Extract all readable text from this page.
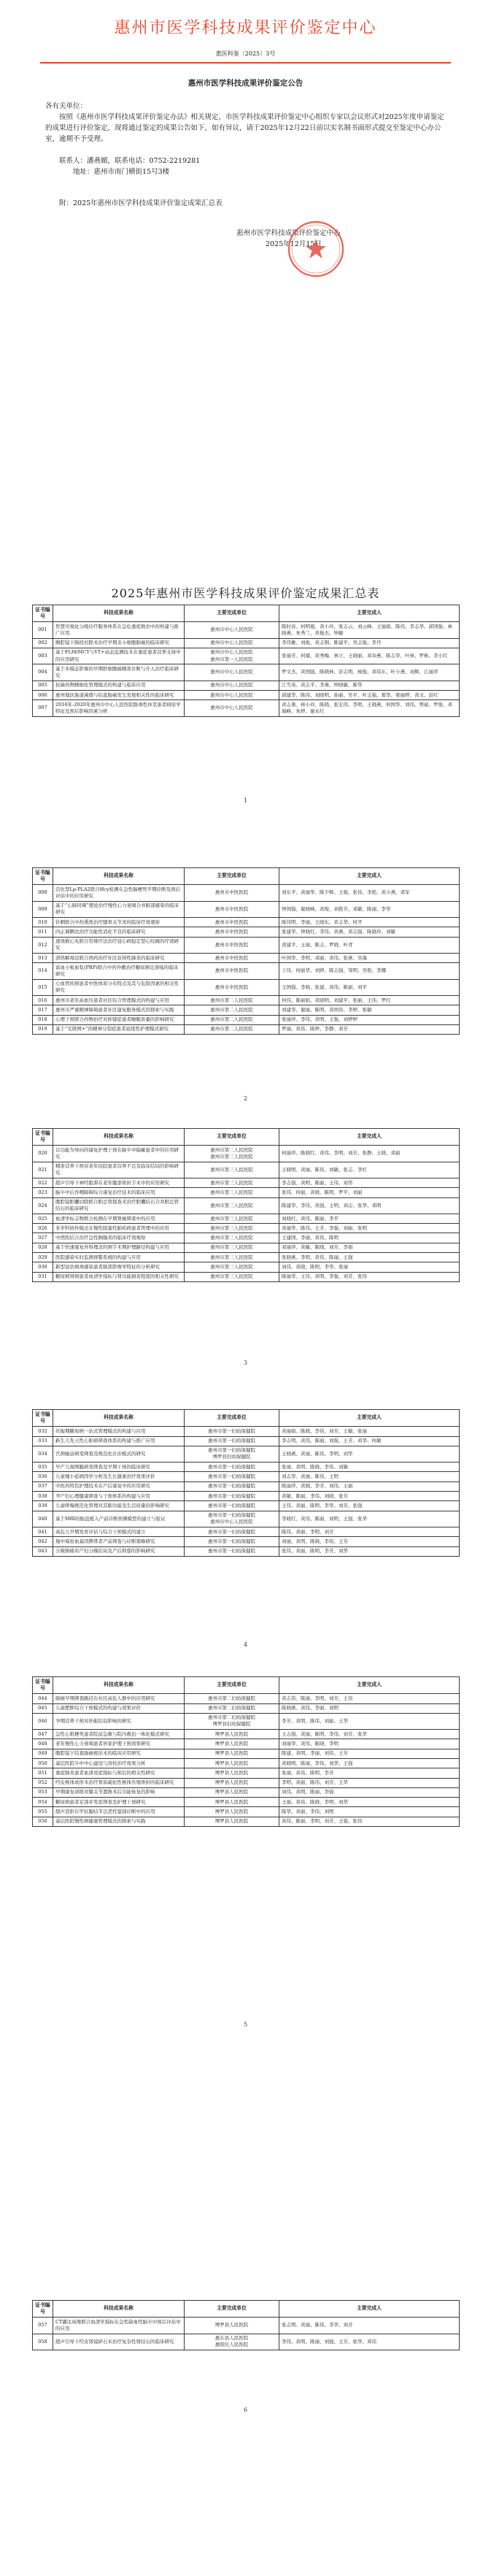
惠州市医学科技成果评价鉴定中心
惠医科鉴〔2025〕3号
惠州市医学科技成果评价鉴定公告

各有关单位：

按照《惠州市医学科技成果评价鉴定办法》相关规定，市医学科技成果评价鉴定中心组织专家以会议形式对2025年度申请鉴定的成果进行评价鉴定，现将通过鉴定的成果公告如下，如有异议，请于2025年12月22日前以实名制书面形式提交至鉴定中心办公室，逾期不予受理。

联系人：潘燕媚，联系电话：0752-2219281

地址：惠州市南门横街15号3楼

附：2025年惠州市医学科技成果评价鉴定成果汇总表

惠州市医学科技成果评价鉴定中心

2025年12月15日

2025年惠州市医学科技成果评价鉴定成果汇总表
证书编号	科技成果名称	主要完成单位	主要完成人
001	智慧可视化分级诊疗服务体系在急危重症救治中的构建与推广应用	惠州市中心人民医院	陈时春、何明德、黄小玲、张志云、刘云峰、王丽娟、陈伟、李志华、邱国强、林晓燕、朱秀兰、黄俊杰、钟敏
002	胸腔镜下肺段切除术治疗早期非小细胞肺癌的临床研究	惠州市中心人民医院	李伟雄、刘俊、黄志刚、陈建平、吴志强、李丹
003	基于FLM/MCT与VT+动态监测技术在重症患者营养支持中的应用研究	惠州市中心人民医院
惠州市第一人民医院	张丽芳、何斌、黄秀梅、林立、王晓丽、邓春燕、陈志华、叶林、罗彬、李小红
004	基于多模态影像的早期肝细胞癌精准诊断与介入治疗临床研究	惠州市中心人民医院	罗文杰、黄国强、陈晓林、彭志明、杨俊、邓伟东、叶小燕、刘辉、江丽萍
005	抗菌药物精细化管理模式的构建与临床应用	惠州市中心人民医院	江雪英、黄志平、李燕、钟晓敏、陈华
006	惠州地区肠道菌群与结直肠癌发生发展相关性的临床研究	惠州市中心人民医院	邱建华、陈伟、刘晓明、孙丽、吴平、叶志强、郑华、梁丽婷、黄文、彭红
007	2016年-2020年惠州市中心人民医院脓毒性休克患者病原学特征及预后影响因素分析	惠州市中心人民医院	黄志勇、林小玲、陈晓、张宏伟、李明、王晓燕、何国华、刘伟、曾丽、罗俊、邓海峰、朱婷、谢永红
1
证书编号	科技成果名称	主要完成单位	主要完成人
008	活化型Lp-PLA2联合Hcy检测在急性脑梗死早期诊断及预后评估中的应用研究	惠州市中医医院	刘东平、黄丽华、陈少辉、王强、张伟、李艳、黄小燕、邓军
009	基于“心肺同调”理论治疗慢性心力衰竭合并肺部感染的临床研究	惠州市中医医院	钟国强、谢晓峰、黄俊、刘艳芳、邓敏、陈丽、李华
010	针刺联合中药熏洗治疗膝骨关节炎的临床疗效观察	惠州市中医医院	陈伟明、李丽、王晓东、黄志华、何平
011	四正调脾法治疗功能性消化不良的临床研究	惠州市中医医院	张建华、钟晓红、李伟、黄燕、邓志强、陈晓玲、刘敏
012	速效救心丸联合常规疗法治疗冠心病稳定型心绞痛的疗效研究	惠州市中医医院	黄建平、王丽、陈志、罗晓、叶青
013	清热解毒法联合西药治疗社区获得性肺炎的临床研究	惠州市中医医院	叶国华、李明、邓丽、黄伟、张燕、吴海
014	富血小板血浆(PRP)联合中药外敷治疗糖尿病足溃疡的临床研究	惠州市中医医院	丁伟、何丽华、刘婷、陈志强、邹明、吴艳、李娜
015	心血管疾病患者中医体质分布特点及其与危险因素的相关性研究	惠州市中医医院	王国强、李晓、张建、黄伟、陈丽、刘平
016	惠州市老年高血压患者社区综合管理模式的构建与应用	惠州市第二人民医院	何伟、陈丽娟、黄晓明、刘建平、张丽、王伟、罗红
017	惠州市严重精神障碍患者社区康复服务模式的探索与实践	惠州市第二人民医院	刘建华、谢丽、陈明、黄国伟、李婷、张敏
018	心理干预联合药物治疗对抑郁症患者睡眠质量的影响研究	惠州市第二人民医院	张丽萍、李伟、黄明、王强、刘婷婷
019	基于“互联网+”的精神分裂症患者延续性护理模式研究	惠州市第二人民医院	罗丽、黄伟、陈婷、李静、邓芳
2
证书编号	科技成果名称	主要完成单位	主要完成人
020	以功能为导向的康复护理干预在脑卒中偏瘫患者中的应用研究	惠州市第二人民医院
惠州市第三人民医院	何丽萍、陈晓红、黄伟、李明、刘芳、张静、王晓、邓丽
021	精准营养干预对老年住院患者营养不良及临床结局的影响研究	惠州市第三人民医院	王晓明、黄丽、陈伟、刘敏、张志、李红
022	超声引导下神经阻滞在老年髋部骨折手术中的应用研究	惠州市第三人民医院	李志强、黄明、陈丽、王伟、刘华
023	脑卒中后吞咽障碍综合康复治疗技术的临床应用	惠州市第三人民医院	张伟、何丽、黄晓、陈明、罗平、刘丽
024	腹腔镜胆囊切除联合胆总管探查术治疗胆囊结石合并胆总管结石的临床研究	惠州市第三人民医院	陈建华、李伟、黄强、王明、刘志、张华、邓明
025	血清学标志物联合检测在早期胃癌筛查中的应用	惠州市第三人民医院	刘晓红、黄伟、陈丽、李平
026	多学科协作模式在慢性阻塞性肺疾病患者管理中的应用	惠州市第三人民医院	黄丽华、陈伟、王芳、李强、刘丽、张明
027	中西医结合治疗急性胰腺炎的临床疗效观察	惠州市第三人民医院	王建国、李丽、黄伟、陈明
028	基于快速康复外科理念的围手术期护理路径构建与应用	惠州市第三人民医院	邓丽萍、黄敏、陈晓、刘芳、李娟
029	医院感染实时监测预警系统的构建与应用	惠州市第三人民医院	张晓燕、李明、黄伟、陈丽、王强
030	新型冠状病毒感染患者肺部影像学特征的分析研究	惠州市第三人民医院	刘伟、黄晓、陈明、李华、张丽
031	糖尿病肾病患者血清学指标与肾功能损害程度的相关性研究	惠州市第三人民医院	陈丽华、王伟、黄明、李强、刘芳、张伟
3
证书编号	科技成果名称	主要完成单位	主要完成人
032	妊娠期糖尿病一站式管理模式的构建与应用	惠州市第一妇幼保健院	黄丽娟、陈晓、李伟、刘芳、王敏、张丽
033	新生儿先天性心脏病筛查体系的构建与推广应用	惠州市第一妇幼保健院	李志明、黄伟、陈丽、刘强、王芳、邓华、何敏
034	宫颈癌前病变筛查及规范化诊治模式的研究	惠州市第一妇幼保健院
博罗县妇幼保健院	王晓燕、黄丽、陈伟、李明、刘华
035	早产儿视网膜病变筛查及早期干预的临床研究	惠州市第一妇幼保健院	张丽、黄明、陈晓、李伟、刘敏
036	儿童矮小症病因学分析及生长激素治疗效果评价	惠州市第一妇幼保健院	刘志华、黄丽、陈伟、王明
037	中医药特色护理技术在产后康复中的应用研究	惠州市第一妇幼保健院	陈丽萍、黄晓、李芳、刘伟、王丽
038	孕产妇心理健康筛查与干预体系的构建与应用	惠州市第一妇幼保健院	黄敏、陈丽、李伟、刘晓、张芳
039	儿童哮喘规范化管理对其肺功能及生活质量的影响研究	惠州市第一妇幼保健院	王伟、黄丽、陈明、李华、刘芳、张强
040	基于MRI的胎盘植入产前诊断预测模型的建立与验证	惠州市第一妇幼保健院
惠州市中心人民医院	李晓红、黄伟、陈丽、刘明、王强、张华
041	高危儿早期发育评估与综合干预模式的建立	惠州市第一妇幼保健院	陈伟、黄丽、李明、刘芳
042	地中海贫血基因携带者产前筛查与诊断策略研究	惠州市第一妇幼保健院	刘丽、黄明、陈晓、李伟、王芳
043	分娩镇痛对产妇分娩结局及产后抑郁的影响研究	惠州市第一妇幼保健院	张伟、黄丽、陈明、李芳、刘华
4
证书编号	科技成果名称	主要完成单位	主要完成人
044	肺癌早期筛查路径在社区高危人群中的应用研究	惠州市第二妇幼保健院	黄志伟、陈丽、李明、刘芳、王伟
045	儿童肥胖综合干预模式的构建与效果评价	惠州市第二妇幼保健院	陈晓燕、黄伟、李丽、刘明
046	孕期营养干预对妊娠结局影响的研究	惠州市第二妇幼保健院
博罗县妇幼保健院	李芳、黄明、陈伟、刘丽、王华
047	急性心肌梗死患者院前急救与院内救治一体化模式研究	博罗县人民医院	王志强、黄丽、陈明、李伟、刘芳、张华
048	老年慢性心力衰竭患者居家护理干预效果研究	博罗县人民医院	刘丽华、黄伟、陈晓、李明
049	腹腔镜下结直肠癌根治术的临床应用研究	博罗县人民医院	陈建、黄明、李丽、刘伟、王芳
050	基层医院卒中中心建设与溶栓治疗效果分析	博罗县人民医院	黄晓明、陈丽、李伟、刘华、王强
051	重症肺炎患者血清炎症指标与预后的相关性研究	博罗县人民医院	张丽、黄伟、陈明、李芳
052	经皮椎体成形术治疗骨质疏松性椎体压缩骨折的临床研究	博罗县人民医院	李明、黄丽、陈伟、刘芳、王华
053	早期康复训练对膝关节置换术后功能恢复的影响	博罗县人民医院	刘伟、黄明、陈丽、李强
054	糖尿病患者足部并发症筛查及护理干预研究	博罗县人民医院	王丽、黄伟、陈晓、李明、刘华
055	超声造影在甲状腺结节良恶性鉴别诊断中的应用	博罗县人民医院	陈华、黄丽、李伟、刘明
056	基层医院慢性病健康管理模式的探索与实践	博罗县人民医院	黄伟、陈丽、李明、刘芳、王强、张伟
5
证书编号	科技成果名称	主要完成单位	主要完成人
057	CT灌注成像联合血清学指标在急性缺血性脑卒中预后评估中的应用	博罗县人民医院	张志明、黄丽、陈伟、李华、刘芳
058	超声引导下经皮肾镜碎石术治疗复杂性肾结石的临床研究	惠东县人民医院
惠阳区人民医院	李伟、黄明、陈丽、刘强、王芳、张华、邓伟
6
